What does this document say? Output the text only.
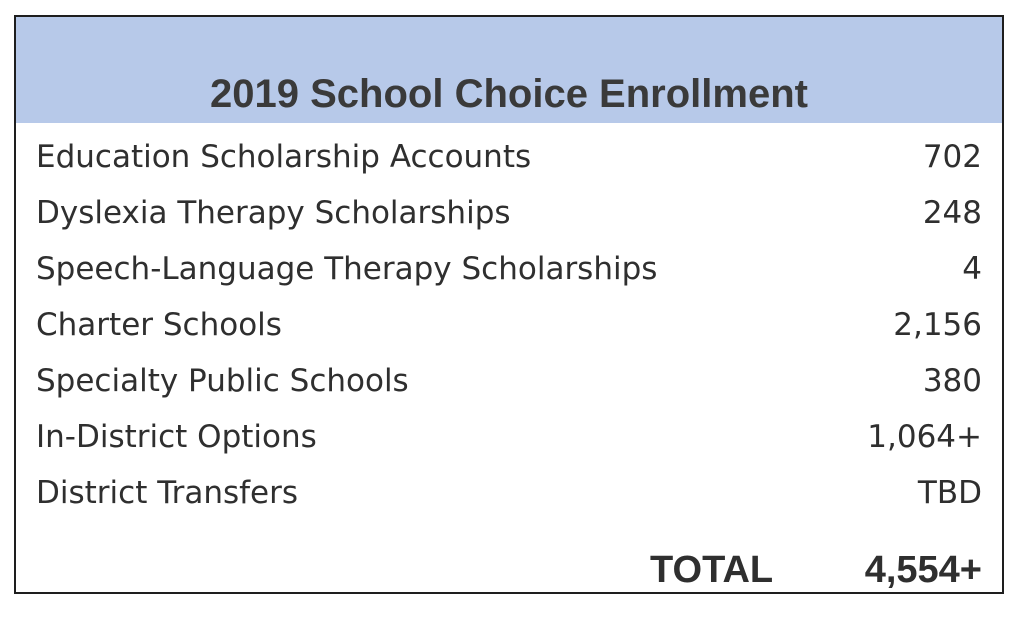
2019 School Choice Enrollment
Education Scholarship Accounts	702
Dyslexia Therapy Scholarships	248
Speech-Language Therapy Scholarships	4
Charter Schools	2,156
Specialty Public Schools	380
In-District Options	1,064+
District Transfers	TBD
TOTAL 4,554+
